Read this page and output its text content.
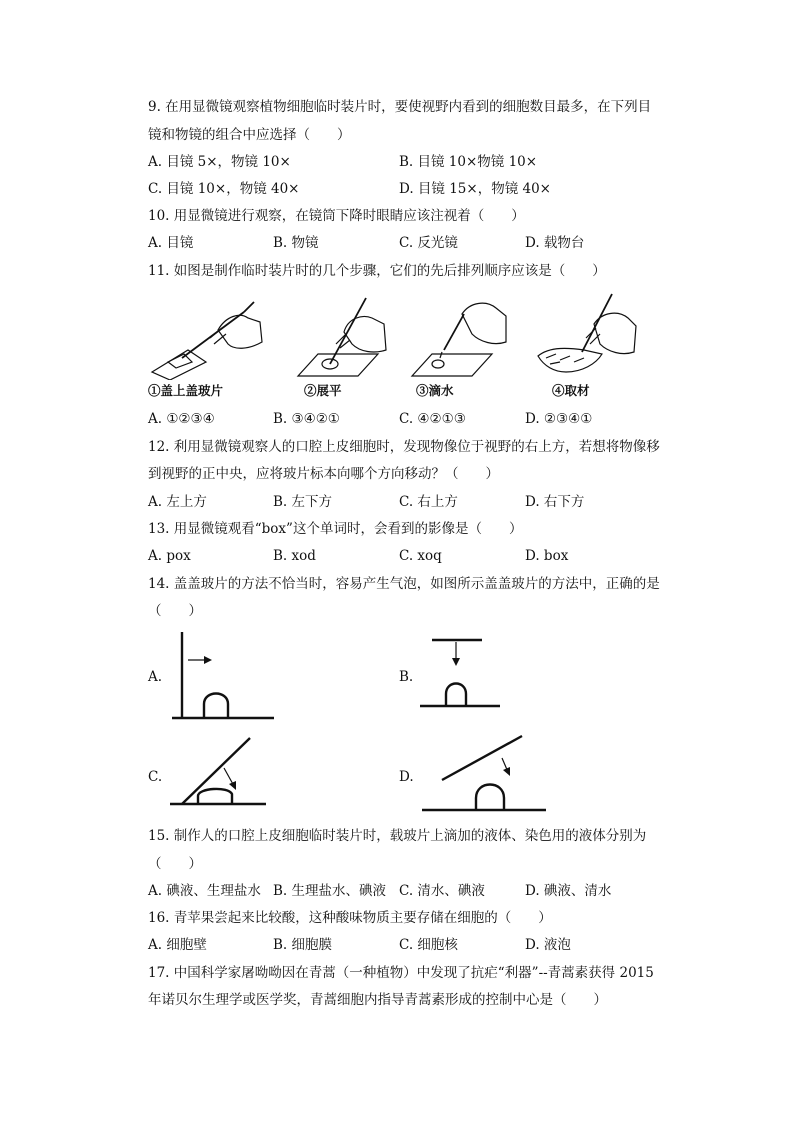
9. 在用显微镜观察植物细胞临时装片时，要使视野内看到的细胞数目最多，在下列目
镜和物镜的组合中应选择（　　）
A. 目镜 5×，物镜 10×	B. 目镜 10×物镜 10×
C. 目镜 10×，物镜 40×	D. 目镜 15×，物镜 40×
10. 用显微镜进行观察，在镜筒下降时眼睛应该注视着（　　）
A. 目镜	B. 物镜	C. 反光镜	D. 载物台
11. 如图是制作临时装片时的几个步骤，它们的先后排列顺序应该是（　　）
①盖上盖玻片	②展平	③滴水	④取材
A. ①②③④	B. ③④②①	C. ④②①③	D. ②③④①
12. 利用显微镜观察人的口腔上皮细胞时，发现物像位于视野的右上方，若想将物像移
到视野的正中央，应将玻片标本向哪个方向移动？（　　）
A. 左上方	B. 左下方	C. 右上方	D. 右下方
13. 用显微镜观看“box”这个单词时，会看到的影像是（　　）
A. pox	B. xod	C. xoq	D. box
14. 盖盖玻片的方法不恰当时，容易产生气泡，如图所示盖盖玻片的方法中，正确的是
（　　）
A.	B.
C.	D.
15. 制作人的口腔上皮细胞临时装片时，载玻片上滴加的液体、染色用的液体分别为
（　　）
A. 碘液、生理盐水 B. 生理盐水、碘液 C. 清水、碘液	D. 碘液、清水
16. 青苹果尝起来比较酸，这种酸味物质主要存储在细胞的（　　）
A. 细胞壁	B. 细胞膜	C. 细胞核	D. 液泡
17. 中国科学家屠呦呦因在青蒿（一种植物）中发现了抗疟“利器”--青蒿素获得 2015
年诺贝尔生理学或医学奖，青蒿细胞内指导青蒿素形成的控制中心是（　　）
